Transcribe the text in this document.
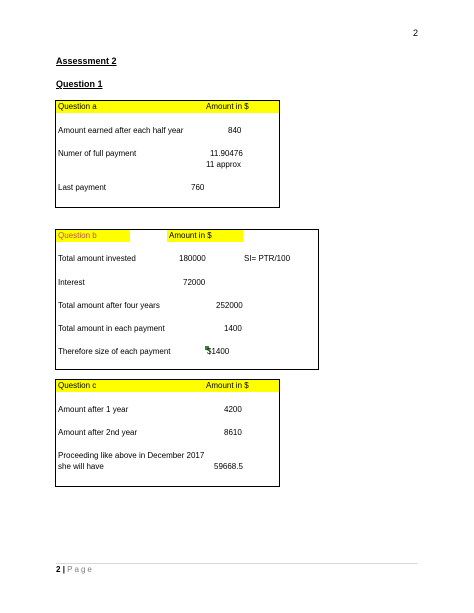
2
Assessment 2
Question 1
Question a	Amount in $
Amount earned after each half year	840
Numer of full payment	11.90476
11 approx
Last payment	760
Question b	Amount in $
Total amount invested	180000	SI= PTR/100
Interest	72000
Total amount after four years	252000
Total amount in each payment	1400
Therefore size of each payment	$1400
Question c	Amount in $
Amount after 1 year	4200
Amount after 2nd year	8610
Proceeding like above in December 2017
she will have	59668.5
2 | Page
